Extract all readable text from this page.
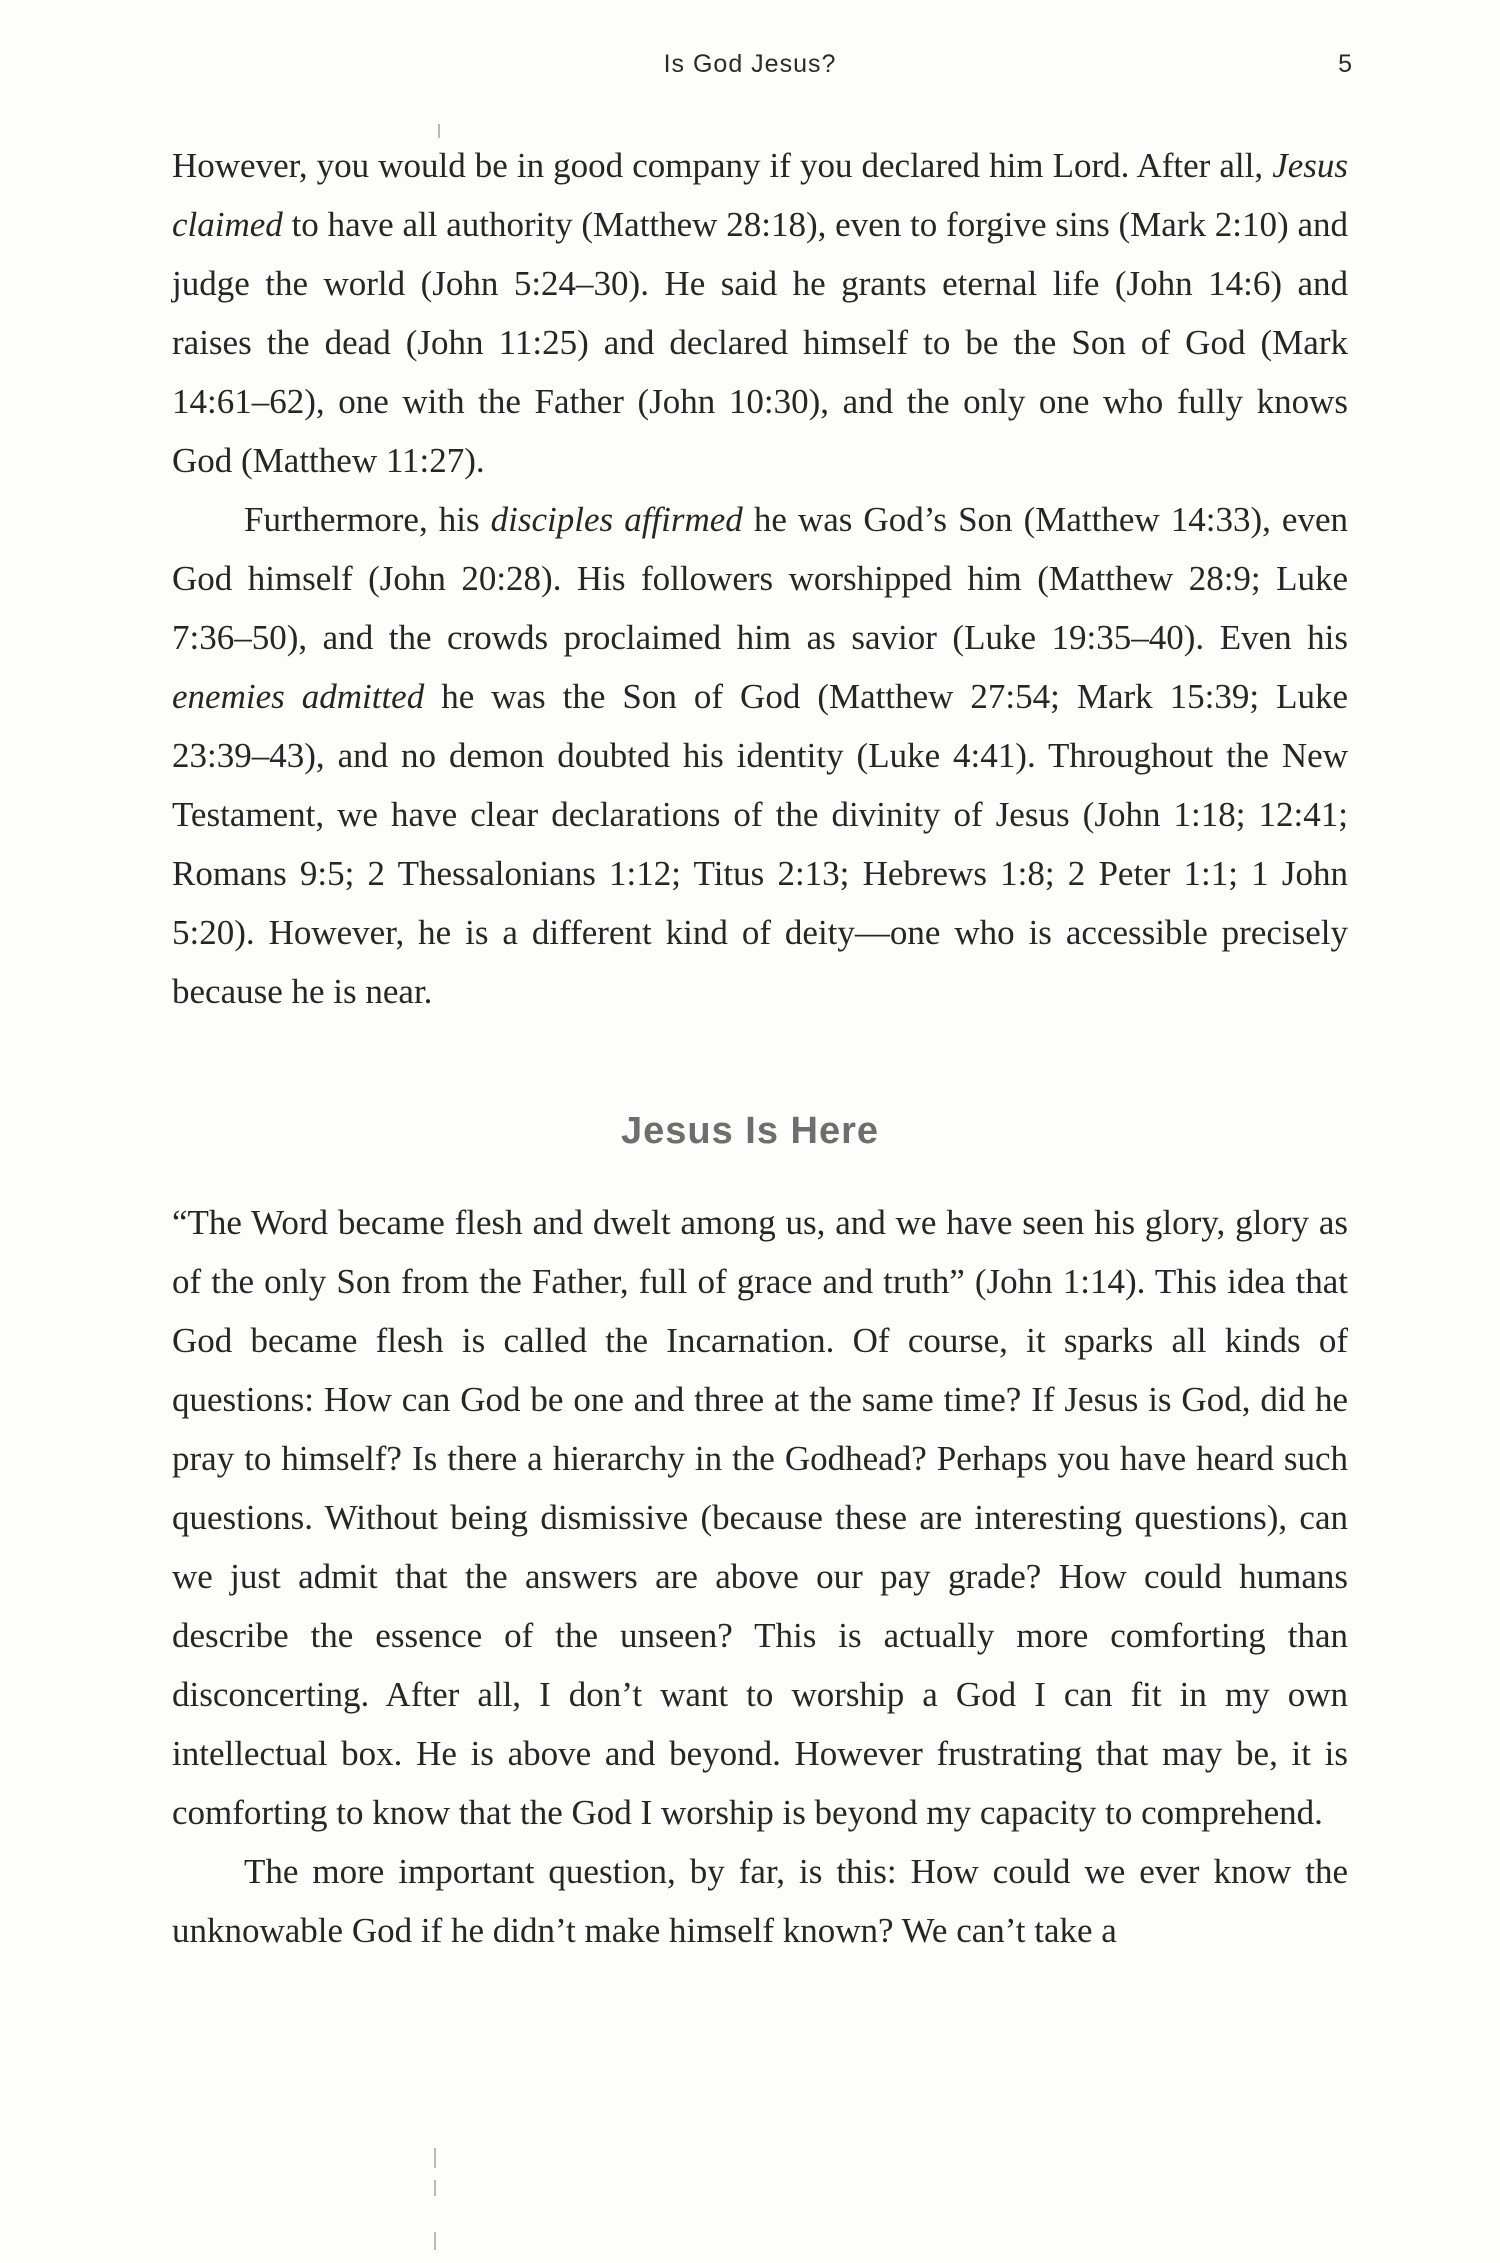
Is God Jesus?	5

However, you would be in good company if you declared him Lord. After all, Jesus claimed to have all authority (Matthew 28:18), even to forgive sins (Mark 2:10) and judge the world (John 5:24–30). He said he grants eternal life (John 14:6) and raises the dead (John 11:25) and declared himself to be the Son of God (Mark 14:61–62), one with the Father (John 10:30), and the only one who fully knows God (Matthew 11:27).

Furthermore, his disciples affirmed he was God’s Son (Matthew 14:33), even God himself (John 20:28). His followers worshipped him (Matthew 28:9; Luke 7:36–50), and the crowds proclaimed him as savior (Luke 19:35–40). Even his enemies admitted he was the Son of God (Matthew 27:54; Mark 15:39; Luke 23:39–43), and no demon doubted his identity (Luke 4:41). Throughout the New Testament, we have clear declarations of the divinity of Jesus (John 1:18; 12:41; Romans 9:5; 2 Thessalonians 1:12; Titus 2:13; Hebrews 1:8; 2 Peter 1:1; 1 John 5:20). However, he is a different kind of deity—one who is accessible precisely because he is near.

Jesus Is Here

“The Word became flesh and dwelt among us, and we have seen his glory, glory as of the only Son from the Father, full of grace and truth” (John 1:14). This idea that God became flesh is called the Incarnation. Of course, it sparks all kinds of questions: How can God be one and three at the same time? If Jesus is God, did he pray to himself? Is there a hierarchy in the Godhead? Perhaps you have heard such questions. Without being dismissive (because these are interesting questions), can we just admit that the answers are above our pay grade? How could humans describe the essence of the unseen? This is actually more comforting than disconcerting. After all, I don’t want to worship a God I can fit in my own intellectual box. He is above and beyond. However frustrating that may be, it is comforting to know that the God I worship is beyond my capacity to comprehend.

The more important question, by far, is this: How could we ever know the unknowable God if he didn’t make himself known? We can’t take a
